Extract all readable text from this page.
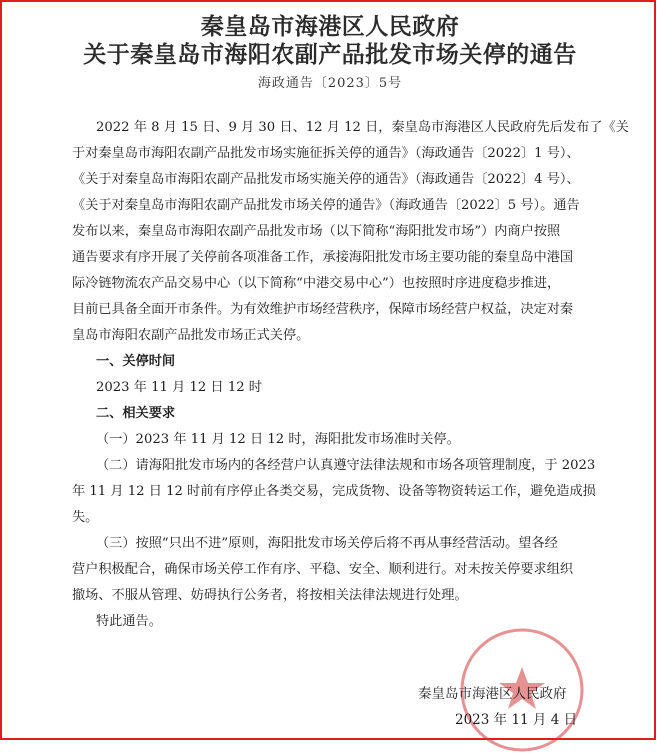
秦皇岛市海港区人民政府
关于秦皇岛市海阳农副产品批发市场关停的通告
海政通告〔2023〕5号
2022 年 8 月 15 日、9 月 30 日、12 月 12 日，秦皇岛市海港区人民政府先后发布了《关
于对秦皇岛市海阳农副产品批发市场实施征拆关停的通告》（海政通告〔2022〕1 号）、
《关于对秦皇岛市海阳农副产品批发市场实施关停的通告》（海政通告〔2022〕4 号）、
《关于对秦皇岛市海阳农副产品批发市场关停的通告》（海政通告〔2022〕5 号）。通告
发布以来，秦皇岛市海阳农副产品批发市场（以下简称“海阳批发市场”）内商户按照
通告要求有序开展了关停前各项准备工作，承接海阳批发市场主要功能的秦皇岛中港国
际冷链物流农产品交易中心（以下简称“中港交易中心”）也按照时序进度稳步推进，
目前已具备全面开市条件。为有效维护市场经营秩序，保障市场经营户权益，决定对秦
皇岛市海阳农副产品批发市场正式关停。
一、关停时间
2023 年 11 月 12 日 12 时
二、相关要求
（一）2023 年 11 月 12 日 12 时，海阳批发市场准时关停。
（二）请海阳批发市场内的各经营户认真遵守法律法规和市场各项管理制度，于 2023
年 11 月 12 日 12 时前有序停止各类交易，完成货物、设备等物资转运工作，避免造成损
失。
（三）按照“只出不进”原则，海阳批发市场关停后将不再从事经营活动。望各经
营户积极配合，确保市场关停工作有序、平稳、安全、顺利进行。对未按关停要求组织
撤场、不服从管理、妨碍执行公务者，将按相关法律法规进行处理。
特此通告。
秦皇岛市海港区人民政府
2023 年 11 月 4 日
